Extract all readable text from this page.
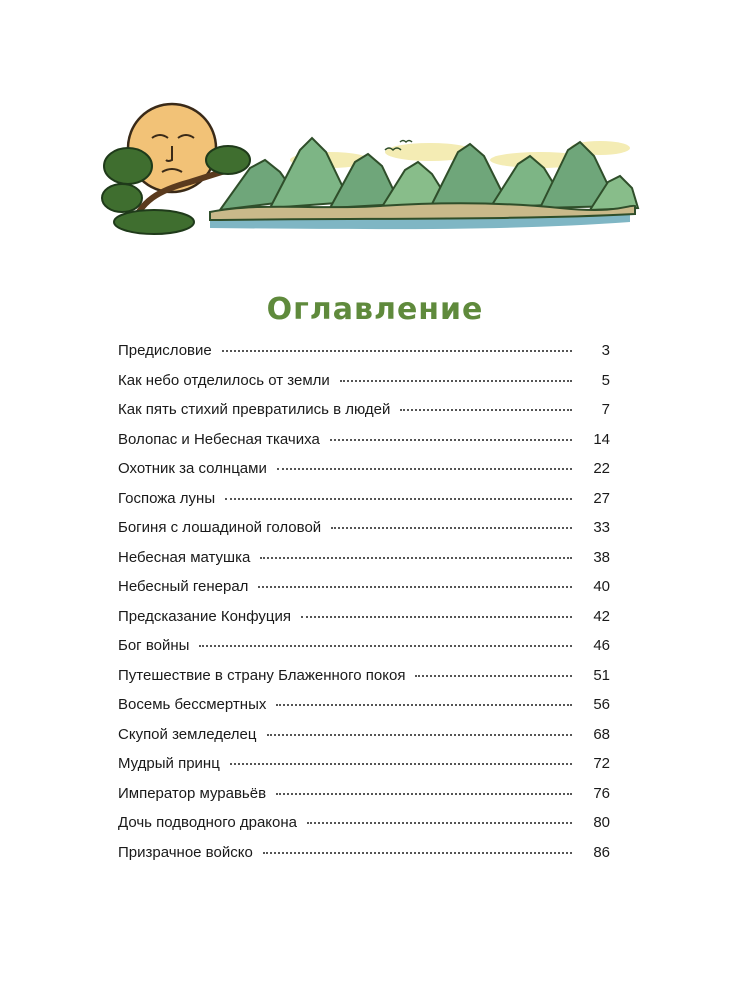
Оглавление
Предисловие	3
Как небо отделилось от земли	5
Как пять стихий превратились в людей	7
Волопас и Небесная ткачиха	14
Охотник за солнцами	22
Госпожа луны	27
Богиня с лошадиной головой	33
Небесная матушка	38
Небесный генерал	40
Предсказание Конфуция	42
Бог войны	46
Путешествие в страну Блаженного покоя	51
Восемь бессмертных	56
Скупой земледелец	68
Мудрый принц	72
Император муравьёв	76
Дочь подводного дракона	80
Призрачное войско	86
